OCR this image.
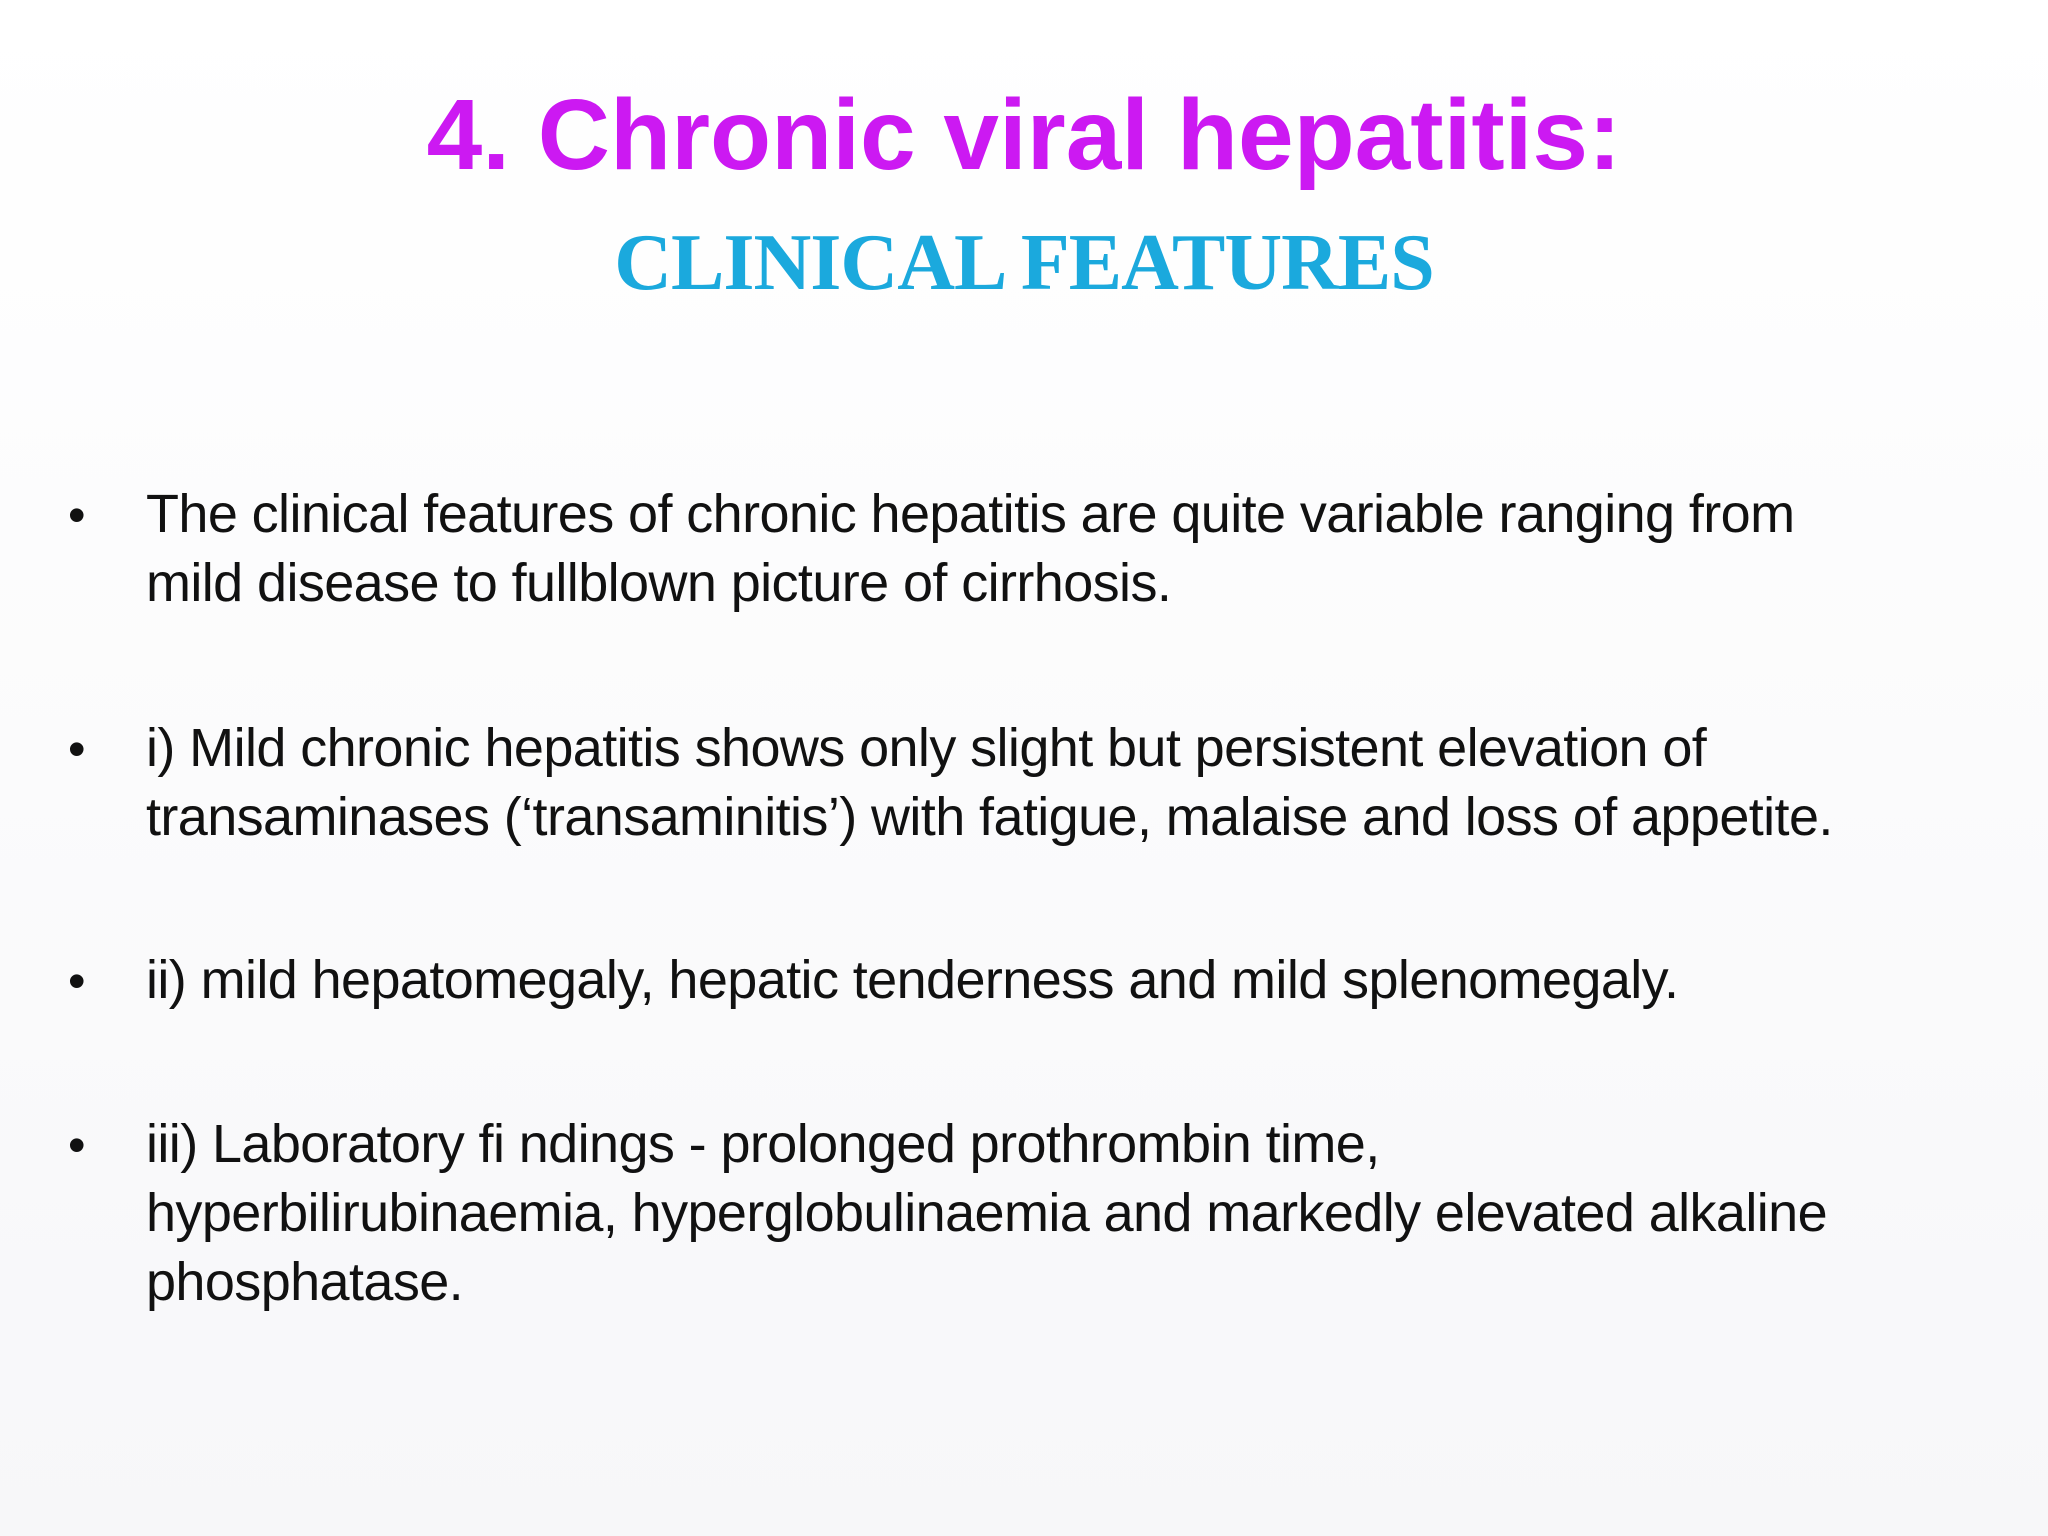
4. Chronic viral hepatitis:
CLINICAL FEATURES
• The clinical features of chronic hepatitis are quite variable ranging from
mild disease to fullblown picture of cirrhosis.
• i) Mild chronic hepatitis shows only slight but persistent elevation of
transaminases (‘transaminitis’) with fatigue, malaise and loss of appetite.
• ii) mild hepatomegaly, hepatic tenderness and mild splenomegaly.
• iii) Laboratory fi ndings - prolonged prothrombin time,
hyperbilirubinaemia, hyperglobulinaemia and markedly elevated alkaline
phosphatase.
